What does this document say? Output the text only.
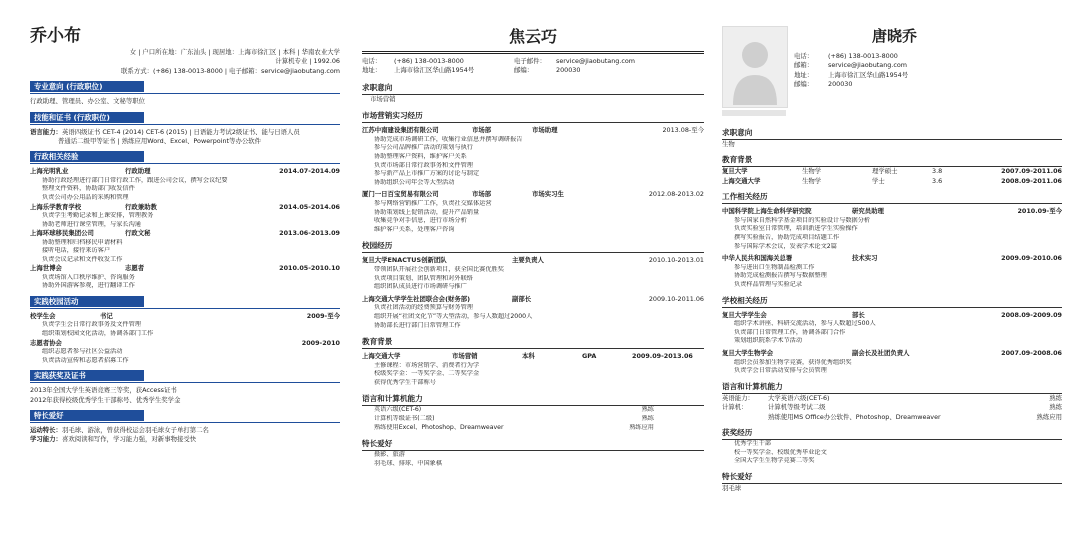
乔小布
女 | 户口所在地：广东汕头 | 现居地：上海市徐汇区 | 本科 | 华南农业大学
计算机专业 | 1992.06
联系方式：(+86) 138-0013-8000 | 电子邮箱：service@jiaobutang.com
专业意向 (行政职位)
行政助理、管理员、办公室、文秘等职位
技能和证书 (行政职位)
语言能力：英语四级证书 CET-4 (2014) CET-6 (2015) | 日语能力考试2级证书、能与日语人员
普通话二级甲等证书 | 熟练应用Word、Excel、Powerpoint等办公软件
行政相关经验
上海光明乳业	行政助理	2014.07-2014.09
• 协助行政经理进行部门日常行政工作，跟进公司会议，撰写会议纪要
• 整理文件资料，协助部门收发信件
• 负责公司办公用品的采购和管理
上海乐学教育学校	行政兼助教	2014.05-2014.06
• 负责学生考勤记录和上课安排，管理教务
• 协助老师进行课堂管理，与家长沟通
上海环球移民集团公司	行政文秘	2013.06-2013.09
• 协助整理和归档移民申请材料
• 接听电话，接待来访客户
• 负责会议记录和文件收发工作
上海世博会	志愿者	2010.05-2010.10
• 负责场馆入口秩序维护、咨询服务
• 协助外国游客参观，进行翻译工作
实践校园活动
校学生会	书记	2009-至今
• 负责学生会日常行政事务及文件管理
• 组织策划校园文化活动，协调各部门工作
志愿者协会	2009-2010
• 组织志愿者参与社区公益活动
• 负责活动宣传和志愿者招募工作
实践获奖及证书
2013年全国大学生英语竞赛三等奖，获Access证书
2012年获得校级优秀学生干部称号、优秀学生奖学金
特长爱好
运动特长：羽毛球、游泳，曾获得校运会羽毛球女子单打第二名
学习能力：喜欢阅读和写作，学习能力强，对新事物接受快
焦云巧
电话：	(+86) 138-0013-8000	电子邮件：	service@jiaobutang.com
地址：	上海市徐汇区华山路1954号	邮编：	200030
求职意向
市场营销
市场营销实习经历
江苏中南建设集团有限公司	市场部	市场助理	2013.08-至今
• 协助完成市场调研工作，收集行业信息并撰写调研报告
• 参与公司品牌推广活动的策划与执行
• 协助整理客户资料，维护客户关系
• 负责市场部日常行政事务和文件管理
• 参与新产品上市推广方案的讨论与制定
• 协助组织公司年会等大型活动
厦门一日百宝贸易有限公司	市场部	市场实习生	2012.08-2013.02
• 参与网络营销推广工作，负责社交媒体运营
• 协助策划线上促销活动，提升产品销量
• 收集竞争对手信息，进行市场分析
• 维护客户关系，处理客户咨询
校园经历
复旦大学ENACTUS创新团队	主要负责人	2010.10-2013.01
• 带领团队开展社会创新项目，获全国比赛优胜奖
• 负责项目策划、团队管理和对外联络
• 组织团队成员进行市场调研与推广
上海交通大学学生社团联合会(财务部)	副部长	2009.10-2011.06
• 负责社团活动的经费预算与财务管理
• 组织开展“社团文化节”等大型活动，参与人数超过2000人
• 协助部长进行部门日常管理工作
教育背景
上海交通大学	市场营销	本科	GPA	2009.09-2013.06
• 主修课程：市场营销学、消费者行为学
• 校级奖学金：一等奖学金、二等奖学金
• 获得优秀学生干部称号
语言和计算机能力
英语六级(CET-6)	熟练
计算机等级证书(二级)	熟练
熟练使用Excel、Photoshop、Dreamweaver	熟练应用
特长爱好
• 摄影、旅游
• 羽毛球、排球、中国象棋
唐晓乔
电话：	(+86) 138-0013-8000
邮箱：	service@jiaobutang.com
地址：	上海市徐汇区华山路1954号
邮编：	200030
求职意向
生物
教育背景
复旦大学	生物学	理学硕士	3.8	2007.09-2011.06
上海交通大学	生物学	学士	3.6	2008.09-2011.06
工作相关经历
中国科学院上海生命科学研究院	研究员助理	2010.09-至今
• 参与国家自然科学基金项目的实验设计与数据分析
• 负责实验室日常管理，培训新进学生实验操作
• 撰写实验报告，协助完成项目结题工作
• 参与国际学术会议，发表学术论文2篇
中华人民共和国海关总署	技术实习	2009.09-2010.06
• 参与进出口生物制品检测工作
• 协助完成检测报告撰写与数据整理
• 负责样品管理与实验记录
学校相关经历
复旦大学学生会	部长	2008.09-2009.09
• 组织学术讲座、科研交流活动，参与人数超过500人
• 负责部门日常管理工作，协调各部门合作
• 策划组织院系学术节活动
复旦大学生物学会	副会长及社团负责人	2007.09-2008.06
• 组织会员参加生物学竞赛，获得优秀组织奖
• 负责学会日常活动安排与会员管理
语言和计算机能力
英语能力：	大学英语六级(CET-6)	熟练
计算机：	计算机等级考试二级	熟练
熟练使用MS Office办公软件、Photoshop、Dreamweaver	熟练应用
获奖经历
• 优秀学生干部
• 校一等奖学金、校级优秀毕业论文
• 全国大学生生物学竞赛二等奖
特长爱好
羽毛球
